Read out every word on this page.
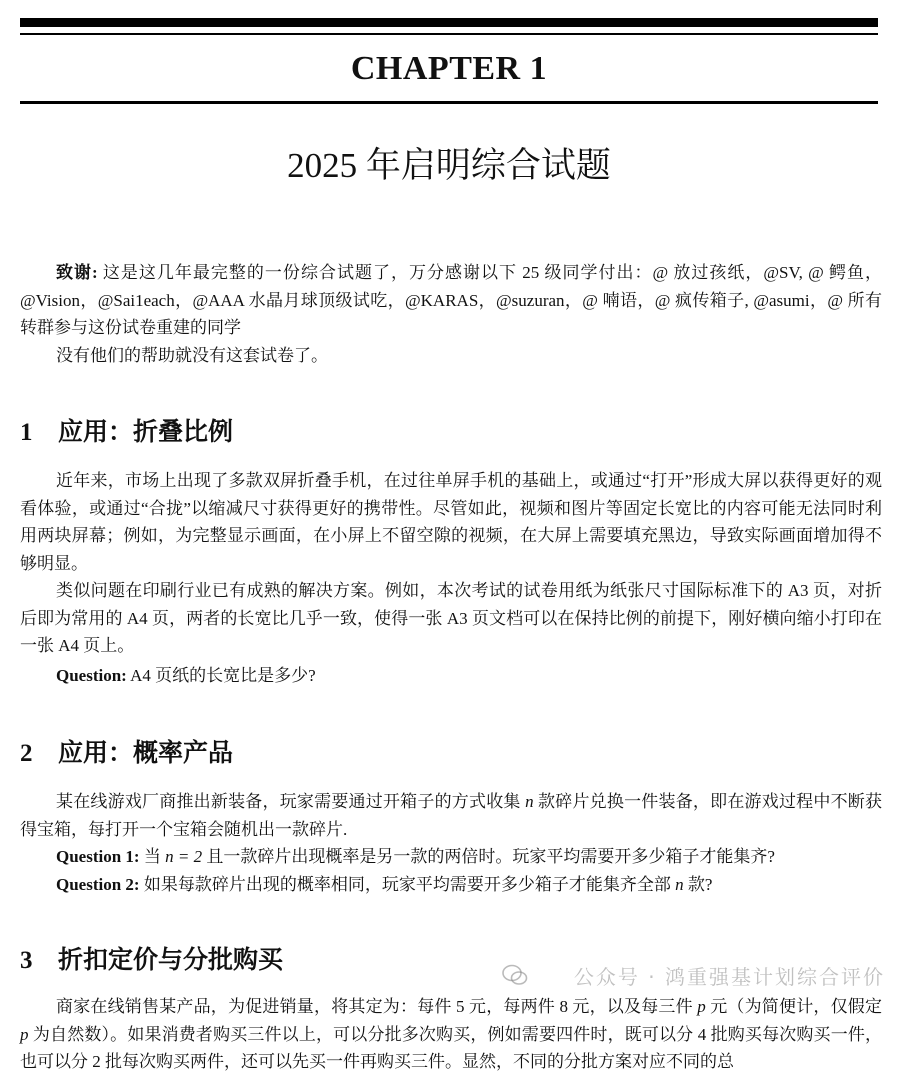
CHAPTER 1
2025 年启明综合试题

致谢: 这是这几年最完整的一份综合试题了，万分感谢以下 25 级同学付出：@ 放过孩纸，@SV, @ 鳄鱼，@Vision，@Sai1each，@AAA 水晶月球顶级试吃，@KARAS，@suzuran，@ 喃语，@ 疯传箱子, @asumi，@ 所有转群参与这份试卷重建的同学

没有他们的帮助就没有这套试卷了。

1 应用：折叠比例

近年来，市场上出现了多款双屏折叠手机，在过往单屏手机的基础上，或通过“打开”形成大屏以获得更好的观看体验，或通过“合拢”以缩减尺寸获得更好的携带性。尽管如此，视频和图片等固定长宽比的内容可能无法同时利用两块屏幕；例如，为完整显示画面，在小屏上不留空隙的视频，在大屏上需要填充黑边，导致实际画面增加得不够明显。

类似问题在印刷行业已有成熟的解决方案。例如，本次考试的试卷用纸为纸张尺寸国际标准下的 A3 页，对折后即为常用的 A4 页，两者的长宽比几乎一致，使得一张 A3 页文档可以在保持比例的前提下，刚好横向缩小打印在一张 A4 页上。

Question: A4 页纸的长宽比是多少?

2 应用：概率产品

某在线游戏厂商推出新装备，玩家需要通过开箱子的方式收集 n 款碎片兑换一件装备，即在游戏过程中不断获得宝箱，每打开一个宝箱会随机出一款碎片.

Question 1: 当 n = 2 且一款碎片出现概率是另一款的两倍时。玩家平均需要开多少箱子才能集齐?

Question 2: 如果每款碎片出现的概率相同，玩家平均需要开多少箱子才能集齐全部 n 款?

3 折扣定价与分批购买

商家在线销售某产品，为促进销量，将其定为：每件 5 元，每两件 8 元，以及每三件 p 元（为简便计，仅假定 p 为自然数）。如果消费者购买三件以上，可以分批多次购买，例如需要四件时，既可以分 4 批购买每次购买一件，也可以分 2 批每次购买两件，还可以先买一件再购买三件。显然，不同的分批方案对应不同的总

公众号 · 鸿重强基计划综合评价
